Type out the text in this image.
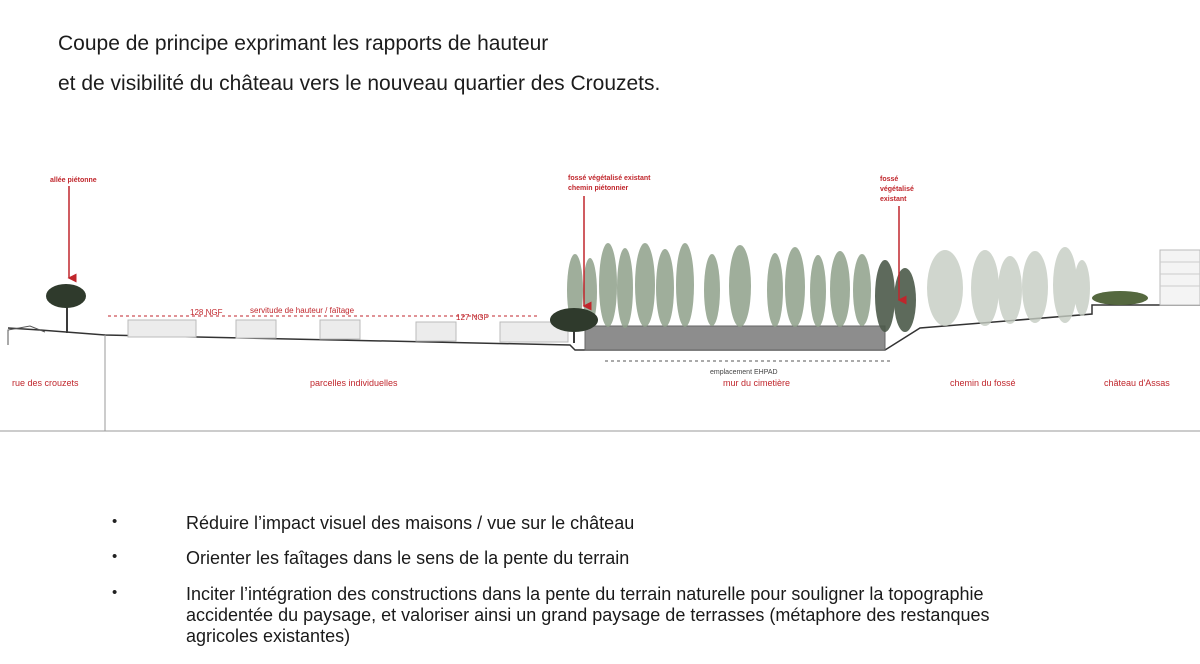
Coupe de principe exprimant les rapports de hauteur
et de visibilité du château vers le nouveau quartier des Crouzets.
allée piétonne	fossé végétalisé existant
chemin piétonnier
fossé
végétalisé
existant
128 NGF	servitude de hauteur / faîtage
127 NGF
emplacement EHPAD
rue des crouzets	parcelles individuelles	mur du cimetière	chemin du fossé	château d'Assas
•	Réduire l’impact visuel des maisons / vue sur le château
•	Orienter les faîtages dans le sens de la pente du terrain
•	Inciter l’intégration des constructions dans la pente du terrain naturelle pour souligner la topographie accidentée du paysage, et valoriser ainsi un grand paysage de terrasses (métaphore des restanques agricoles existantes)
